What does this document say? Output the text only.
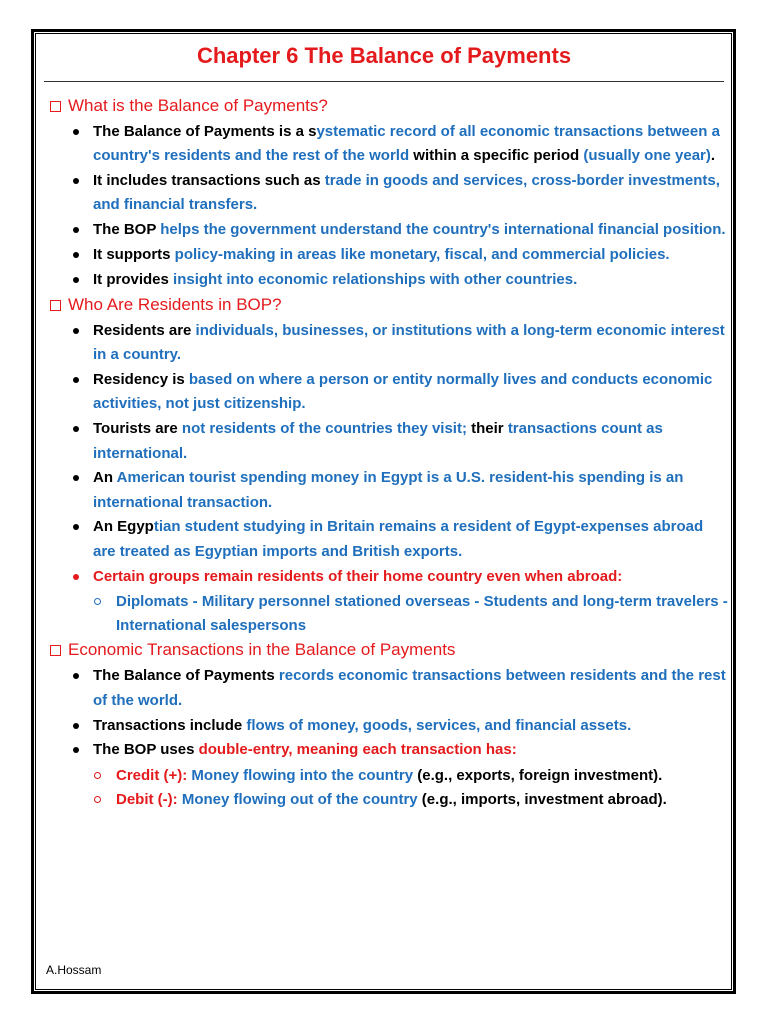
Chapter 6 The Balance of Payments
What is the Balance of Payments?
The Balance of Payments is a systematic record of all economic transactions between a country's residents and the rest of the world within a specific period (usually one year).
It includes transactions such as trade in goods and services, cross-border investments, and financial transfers.
The BOP helps the government understand the country's international financial position.
It supports policy-making in areas like monetary, fiscal, and commercial policies.
It provides insight into economic relationships with other countries.
Who Are Residents in BOP?
Residents are individuals, businesses, or institutions with a long-term economic interest in a country.
Residency is based on where a person or entity normally lives and conducts economic activities, not just citizenship.
Tourists are not residents of the countries they visit; their transactions count as international.
An American tourist spending money in Egypt is a U.S. resident-his spending is an international transaction.
An Egyptian student studying in Britain remains a resident of Egypt-expenses abroad are treated as Egyptian imports and British exports.
Certain groups remain residents of their home country even when abroad:
Diplomats - Military personnel stationed overseas - Students and long-term travelers - International salespersons
Economic Transactions in the Balance of Payments
The Balance of Payments records economic transactions between residents and the rest of the world.
Transactions include flows of money, goods, services, and financial assets.
The BOP uses double-entry, meaning each transaction has:
Credit (+): Money flowing into the country (e.g., exports, foreign investment).
Debit (-): Money flowing out of the country (e.g., imports, investment abroad).
A.Hossam
